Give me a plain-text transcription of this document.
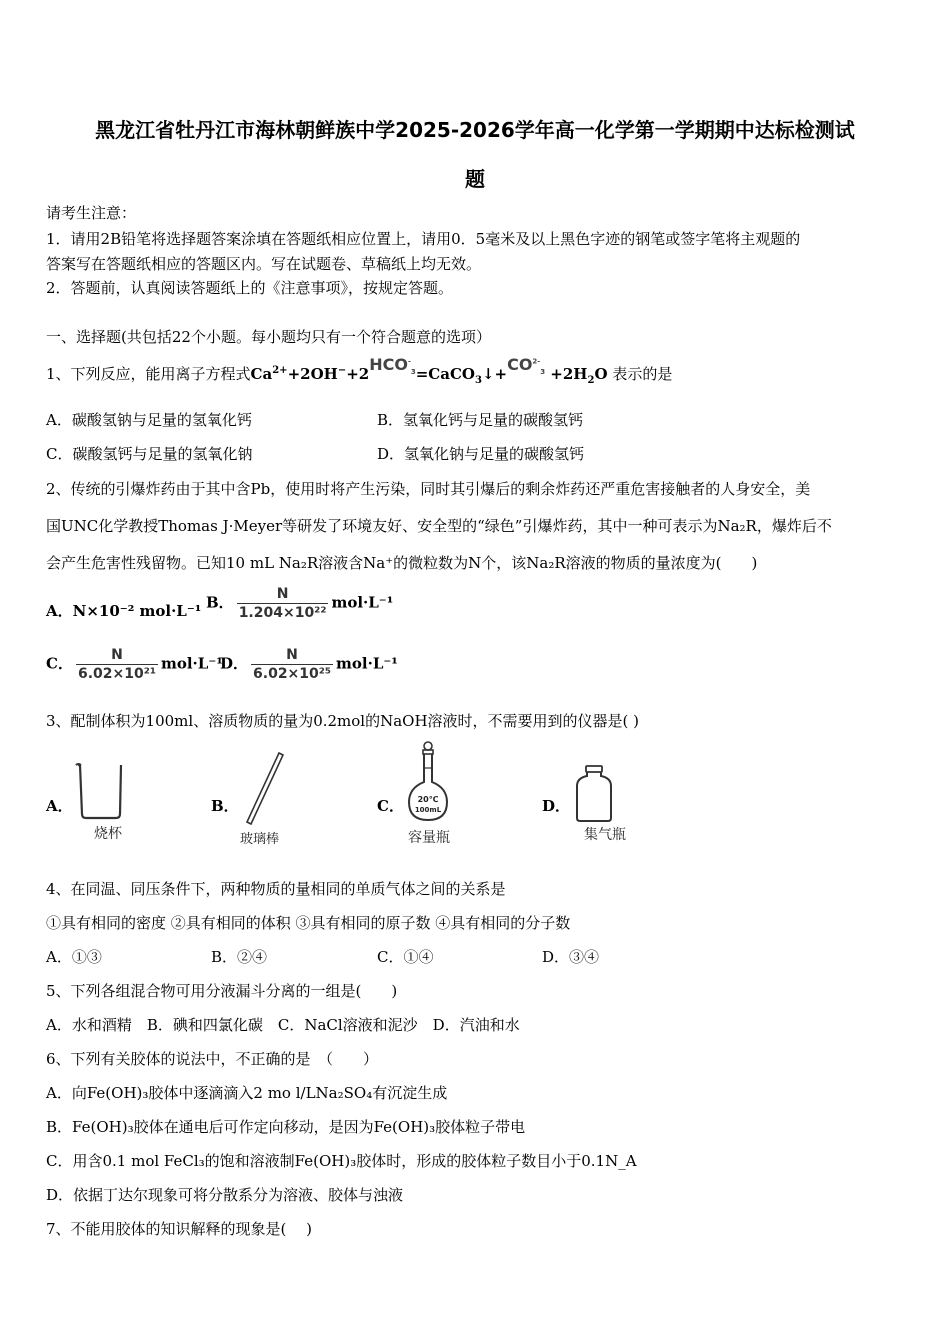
黑龙江省牡丹江市海林朝鲜族中学2025-2026学年高一化学第一学期期中达标检测试
题
请考生注意：
1．请用2B铅笔将选择题答案涂填在答题纸相应位置上，请用0．5毫米及以上黑色字迹的钢笔或签字笔将主观题的
答案写在答题纸相应的答题区内。写在试题卷、草稿纸上均无效。
2．答题前，认真阅读答题纸上的《注意事项》，按规定答题。
一、选择题(共包括22个小题。每小题均只有一个符合题意的选项）
1、下列反应，能用离子方程式$Ca^{2+}+2OH^-+2HCO^-_3=CaCO_3↓+CO^{2-}_3 +2H_2O$ 表示的是
A．碳酸氢钠与足量的氢氧化钙	B．氢氧化钙与足量的碳酸氢钙
C．碳酸氢钙与足量的氢氧化钠	D．氢氧化钠与足量的碳酸氢钙
2、传统的引爆炸药由于其中含Pb，使用时将产生污染，同时其引爆后的剩余炸药还严重危害接触者的人身安全，美
国UNC化学教授Thomas J·Meyer等研发了环境友好、安全型的“绿色”引爆炸药，其中一种可表示为Na₂R，爆炸后不
会产生危害性残留物。已知10 mL Na₂R溶液含Na⁺的微粒数为N个，该Na₂R溶液的物质的量浓度为(　　)
A．N×10⁻² mol·L⁻¹ B． $\frac{N}{\text{1.204×10²²}} mol\cdot L^{-1}$
C． $\frac{N}{\text{6.02×10²¹}} mol\cdot L^{-1}$
D． $\frac{N}{\text{6.02×10²⁵}} mol\cdot L^{-1}$
3、配制体积为100ml、溶质物质的量为0.2mol的NaOH溶液时，不需要用到的仪器是( )
A．
烧杯
B．
玻璃棒
C． 20℃
100mL
容量瓶
D．
集气瓶
4、在同温、同压条件下，两种物质的量相同的单质气体之间的关系是
①具有相同的密度 ②具有相同的体积 ③具有相同的原子数 ④具有相同的分子数
A．①③	B．②④	C．①④	D．③④
5、下列各组混合物可用分液漏斗分离的一组是(　　)
A．水和酒精　B．碘和四氯化碳　C．NaCl溶液和泥沙　D．汽油和水
6、下列有关胶体的说法中，不正确的是　（　　）
A．向Fe(OH)₃胶体中逐滴滴入2 mo l/LNa₂SO₄有沉淀生成
B．Fe(OH)₃胶体在通电后可作定向移动，是因为Fe(OH)₃胶体粒子带电
C．用含0.1 mol FeCl₃的饱和溶液制Fe(OH)₃胶体时，形成的胶体粒子数目小于0.1N_A
D．依据丁达尔现象可将分散系分为溶液、胶体与浊液
7、不能用胶体的知识解释的现象是(　 )
